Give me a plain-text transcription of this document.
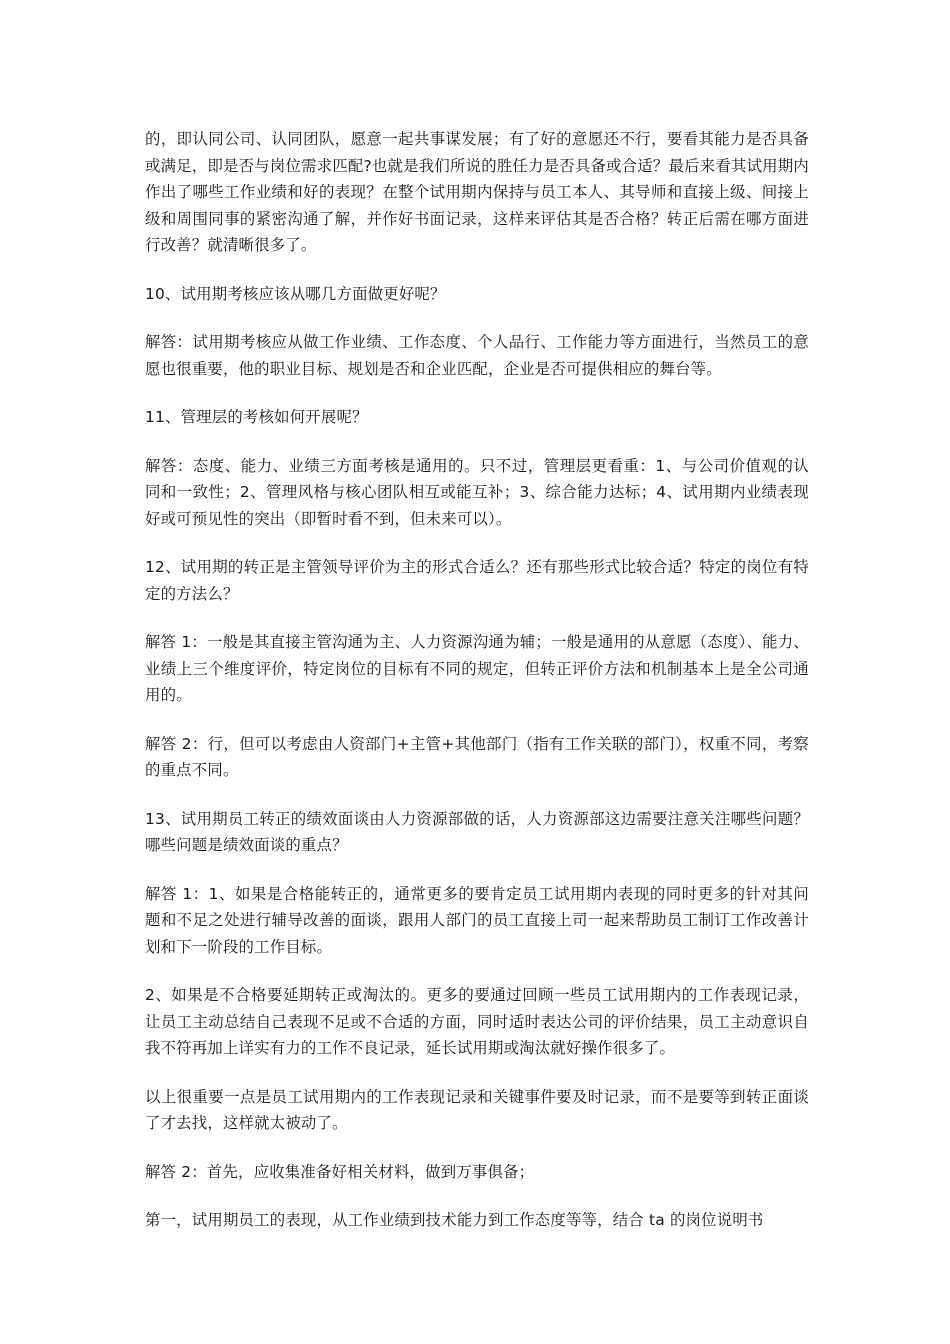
的，即认同公司、认同团队，愿意一起共事谋发展；有了好的意愿还不行，要看其能力是否具备或满足，即是否与岗位需求匹配?也就是我们所说的胜任力是否具备或合适？最后来看其试用期内作出了哪些工作业绩和好的表现？在整个试用期内保持与员工本人、其导师和直接上级、间接上级和周围同事的紧密沟通了解，并作好书面记录，这样来评估其是否合格？转正后需在哪方面进行改善？就清晰很多了。

10、试用期考核应该从哪几方面做更好呢？

解答：试用期考核应从做工作业绩、工作态度、个人品行、工作能力等方面进行，当然员工的意愿也很重要，他的职业目标、规划是否和企业匹配，企业是否可提供相应的舞台等。

11、管理层的考核如何开展呢？

解答：态度、能力、业绩三方面考核是通用的。只不过，管理层更看重：1、与公司价值观的认同和一致性；2、管理风格与核心团队相互或能互补；3、综合能力达标；4、试用期内业绩表现好或可预见性的突出（即暂时看不到，但未来可以）。

12、试用期的转正是主管领导评价为主的形式合适么？还有那些形式比较合适？特定的岗位有特定的方法么？

解答 1：一般是其直接主管沟通为主、人力资源沟通为辅；一般是通用的从意愿（态度）、能力、业绩上三个维度评价，特定岗位的目标有不同的规定，但转正评价方法和机制基本上是全公司通用的。

解答 2：行，但可以考虑由人资部门+主管+其他部门（指有工作关联的部门），权重不同，考察的重点不同。

13、试用期员工转正的绩效面谈由人力资源部做的话，人力资源部这边需要注意关注哪些问题？哪些问题是绩效面谈的重点？

解答 1：1、如果是合格能转正的，通常更多的要肯定员工试用期内表现的同时更多的针对其问题和不足之处进行辅导改善的面谈，跟用人部门的员工直接上司一起来帮助员工制订工作改善计划和下一阶段的工作目标。

2、如果是不合格要延期转正或淘汰的。更多的要通过回顾一些员工试用期内的工作表现记录，让员工主动总结自己表现不足或不合适的方面，同时适时表达公司的评价结果，员工主动意识自我不符再加上详实有力的工作不良记录，延长试用期或淘汰就好操作很多了。

以上很重要一点是员工试用期内的工作表现记录和关键事件要及时记录，而不是要等到转正面谈了才去找，这样就太被动了。

解答 2：首先，应收集准备好相关材料，做到万事俱备；

第一，试用期员工的表现，从工作业绩到技术能力到工作态度等等，结合 ta 的岗位说明书
